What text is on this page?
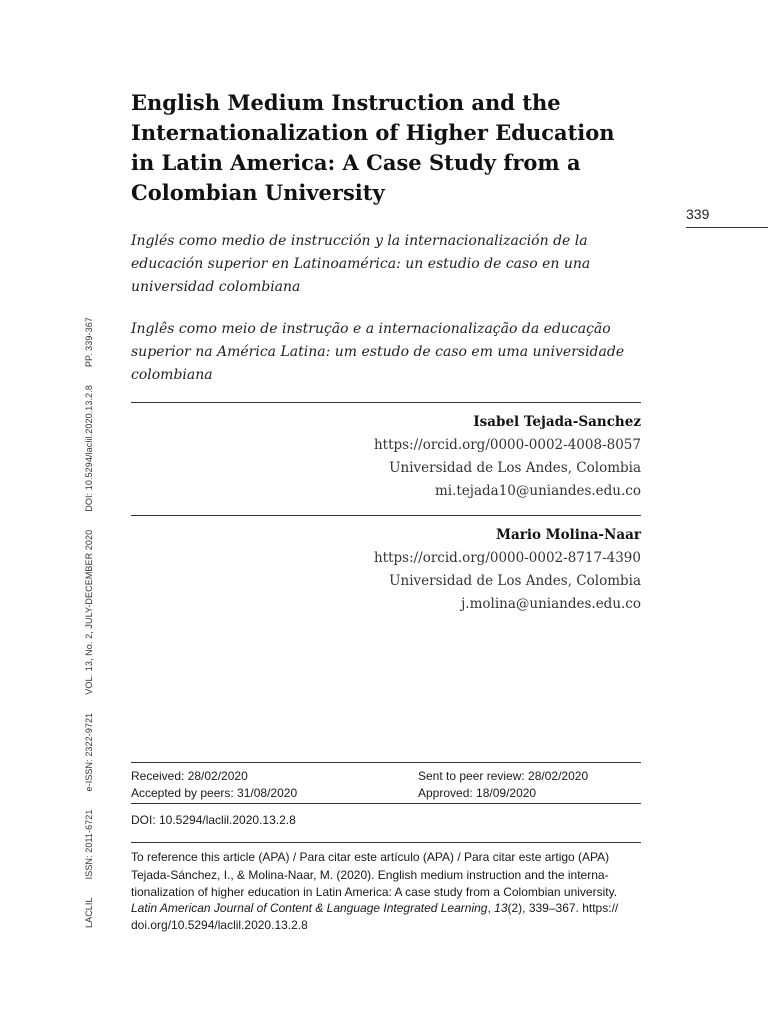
English Medium Instruction and the
Internationalization of Higher Education
in Latin America: A Case Study from a
Colombian University
339

Inglés como medio de instrucción y la internacionalización de la
educación superior en Latinoamérica: un estudio de caso en una
universidad colombiana

Inglês como meio de instrução e a internacionalização da educação
superior na América Latina: um estudo de caso em uma universidade
colombiana

Isabel Tejada-Sanchez
https://orcid.org/0000-0002-4008-8057
Universidad de Los Andes, Colombia
mi.tejada10@uniandes.edu.co
Mario Molina-Naar
https://orcid.org/0000-0002-8717-4390
Universidad de Los Andes, Colombia
j.molina@uniandes.edu.co
Received: 28/02/2020
Accepted by peers: 31/08/2020
Sent to peer review: 28/02/2020
Approved: 18/09/2020
DOI: 10.5294/laclil.2020.13.2.8
To reference this article (APA) / Para citar este artículo (APA) / Para citar este artigo (APA)
Tejada-Sánchez, I., & Molina-Naar, M. (2020). English medium instruction and the interna-
tionalization of higher education in Latin America: A case study from a Colombian university.
Latin American Journal of Content & Language Integrated Learning, 13(2), 339–367. https://
doi.org/10.5294/laclil.2020.13.2.8
LACLILISSN: 2011-6721e-ISSN: 2322-9721VOL. 13, No. 2, JULY-DECEMBER 2020DOI: 10.5294/laclil.2020.13.2.8PP. 339-367
